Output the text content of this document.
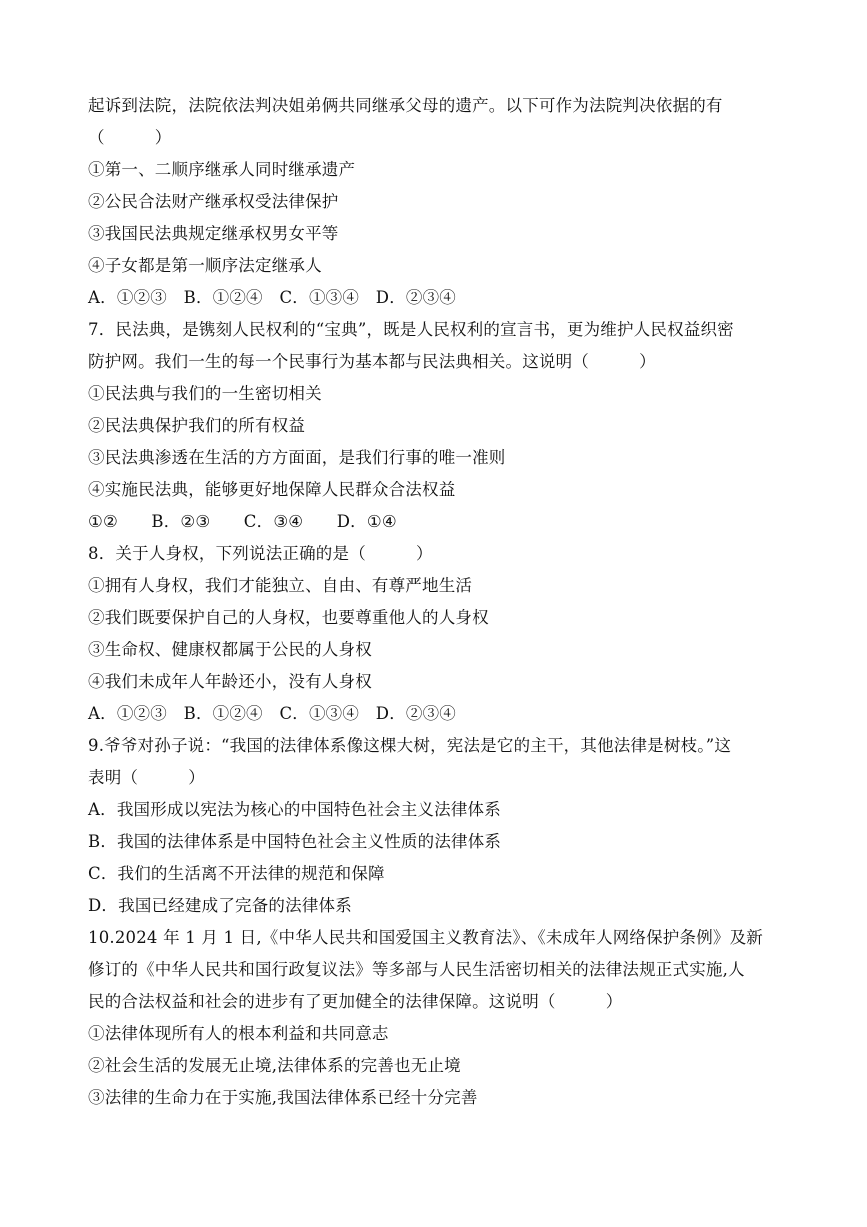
起诉到法院，法院依法判决姐弟俩共同继承父母的遗产。以下可作为法院判决依据的有
（　　　）
①第一、二顺序继承人同时继承遗产
②公民合法财产继承权受法律保护
③我国民法典规定继承权男女平等
④子女都是第一顺序法定继承人
A．①②③　B．①②④　C．①③④　D．②③④
7．民法典，是镌刻人民权利的“宝典”，既是人民权利的宣言书，更为维护人民权益织密
防护网。我们一生的每一个民事行为基本都与民法典相关。这说明（　　　）
①民法典与我们的一生密切相关
②民法典保护我们的所有权益
③民法典渗透在生活的方方面面，是我们行事的唯一准则
④实施民法典，能够更好地保障人民群众合法权益
①②　　B．②③　　C．③④　　D．①④
8．关于人身权，下列说法正确的是（　　　）
①拥有人身权，我们才能独立、自由、有尊严地生活
②我们既要保护自己的人身权，也要尊重他人的人身权
③生命权、健康权都属于公民的人身权
④我们未成年人年龄还小，没有人身权
A．①②③　B．①②④　C．①③④　D．②③④
9.爷爷对孙子说：“我国的法律体系像这棵大树，宪法是它的主干，其他法律是树枝。”这
表明（　　　）
A．我国形成以宪法为核心的中国特色社会主义法律体系
B．我国的法律体系是中国特色社会主义性质的法律体系
C．我们的生活离不开法律的规范和保障
D．我国已经建成了完备的法律体系
10.2024 年 1 月 1 日,《中华人民共和国爱国主义教育法》、《未成年人网络保护条例》及新
修订的《中华人民共和国行政复议法》等多部与人民生活密切相关的法律法规正式实施,人
民的合法权益和社会的进步有了更加健全的法律保障。这说明（　　　）
①法律体现所有人的根本利益和共同意志
②社会生活的发展无止境,法律体系的完善也无止境
③法律的生命力在于实施,我国法律体系已经十分完善
